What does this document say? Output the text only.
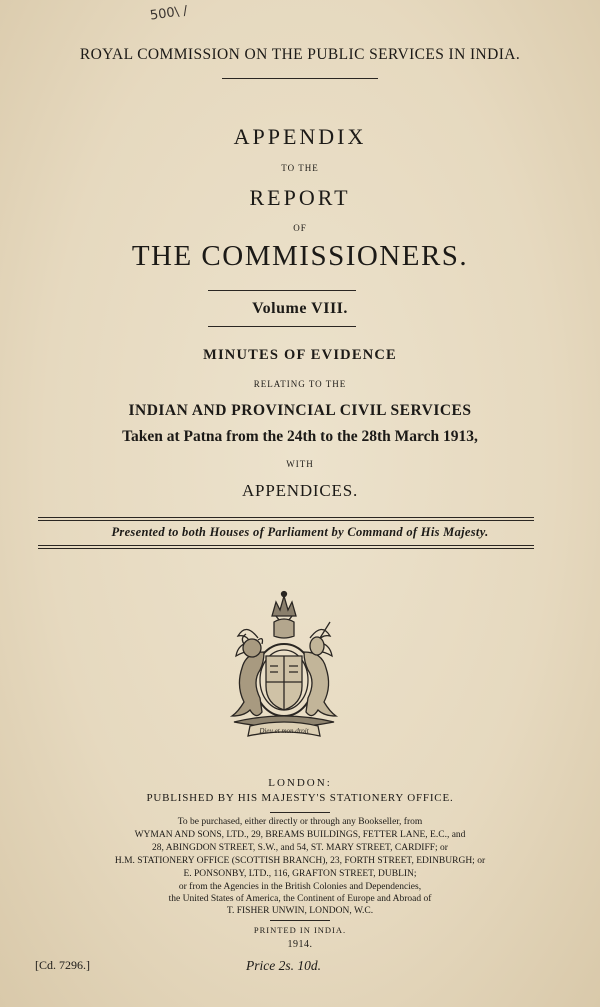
500\ /
ROYAL COMMISSION ON THE PUBLIC SERVICES IN INDIA.
APPENDIX
TO THE
REPORT
OF
THE COMMISSIONERS.
Volume VIII.
MINUTES OF EVIDENCE
RELATING TO THE
INDIAN AND PROVINCIAL CIVIL SERVICES
Taken at Patna from the 24th to the 28th March 1913,
WITH
APPENDICES.
Presented to both Houses of Parliament by Command of His Majesty.
Dieu et mon droit
LONDON:
PUBLISHED BY HIS MAJESTY'S STATIONERY OFFICE.
To be purchased, either directly or through any Bookseller, from
WYMAN AND SONS, LTD., 29, BREAMS BUILDINGS, FETTER LANE, E.C., and
28, ABINGDON STREET, S.W., and 54, ST. MARY STREET, CARDIFF; or
H.M. STATIONERY OFFICE (SCOTTISH BRANCH), 23, FORTH STREET, EDINBURGH; or
E. PONSONBY, LTD., 116, GRAFTON STREET, DUBLIN;
or from the Agencies in the British Colonies and Dependencies,
the United States of America, the Continent of Europe and Abroad of
T. FISHER UNWIN, LONDON, W.C.
PRINTED IN INDIA.
1914.
[Cd. 7296.]	Price 2s. 10d.
